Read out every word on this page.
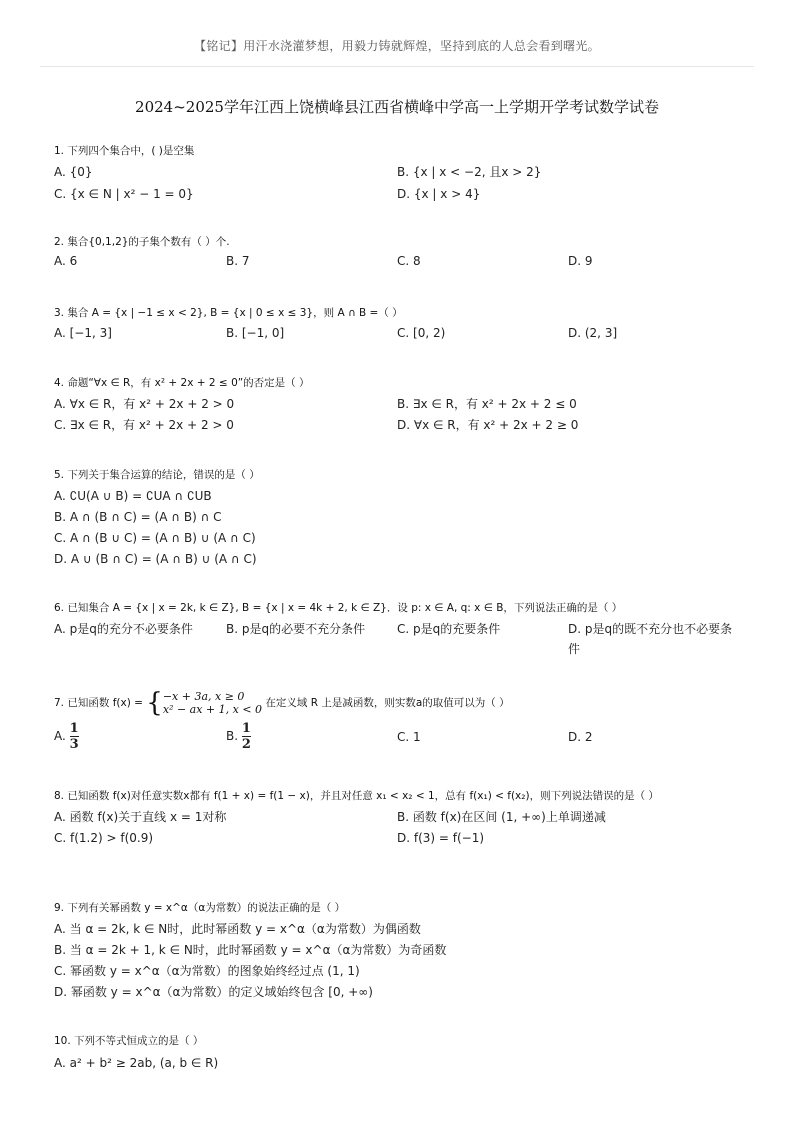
【铭记】用汗水浇灌梦想，用毅力铸就辉煌，坚持到底的人总会看到曙光。
2024~2025学年江西上饶横峰县江西省横峰中学高一上学期开学考试数学试卷
1. 下列四个集合中，( )是空集
A. {0}	B. {x | x < −2, 且x > 2}
C. {x ∈ N | x² − 1 = 0}	D. {x | x > 4}
2. 集合{0,1,2}的子集个数有（ ）个.
A. 6	B. 7	C. 8	D. 9
3. 集合 A = {x | −1 ≤ x < 2}, B = {x | 0 ≤ x ≤ 3}，则 A ∩ B =（ ）
A. [−1, 3]	B. [−1, 0]	C. [0, 2)	D. (2, 3]
4. 命题“∀x ∈ R，有 x² + 2x + 2 ≤ 0”的否定是（ ）
A. ∀x ∈ R，有 x² + 2x + 2 > 0	B. ∃x ∈ R，有 x² + 2x + 2 ≤ 0
C. ∃x ∈ R，有 x² + 2x + 2 > 0	D. ∀x ∈ R，有 x² + 2x + 2 ≥ 0
5. 下列关于集合运算的结论，错误的是（ ）
A. ∁U(A ∪ B) = ∁UA ∩ ∁UB
B. A ∩ (B ∩ C) = (A ∩ B) ∩ C
C. A ∩ (B ∪ C) = (A ∩ B) ∪ (A ∩ C)
D. A ∪ (B ∩ C) = (A ∩ B) ∪ (A ∩ C)
6. 已知集合 A = {x | x = 2k, k ∈ Z}, B = {x | x = 4k + 2, k ∈ Z}．设 p: x ∈ A, q: x ∈ B，下列说法正确的是（ ）
A. p是q的充分不必要条件	B. p是q的必要不充分条件	C. p是q的充要条件	D. p是q的既不充分也不必要条件
7. 已知函数 f(x) = { −x + 3a, x ≥ 0
x² − ax + 1, x < 0 在定义域 R 上是减函数，则实数a的取值可以为（ ）
A. $\frac{1}{3}$	B. $\frac{1}{2}$	C. 1	D. 2
8. 已知函数 f(x)对任意实数x都有 f(1 + x) = f(1 − x)，并且对任意 x₁ < x₂ < 1，总有 f(x₁) < f(x₂)，则下列说法错误的是（ ）
A. 函数 f(x)关于直线 x = 1对称	B. 函数 f(x)在区间 (1, +∞)上单调递减
C. f(1.2) > f(0.9)	D. f(3) = f(−1)
9. 下列有关幂函数 y = x^α（α为常数）的说法正确的是（ ）
A. 当 α = 2k, k ∈ N时，此时幂函数 y = x^α（α为常数）为偶函数
B. 当 α = 2k + 1, k ∈ N时，此时幂函数 y = x^α（α为常数）为奇函数
C. 幂函数 y = x^α（α为常数）的图象始终经过点 (1, 1)
D. 幂函数 y = x^α（α为常数）的定义域始终包含 [0, +∞)
10. 下列不等式恒成立的是（ ）
A. a² + b² ≥ 2ab, (a, b ∈ R)
